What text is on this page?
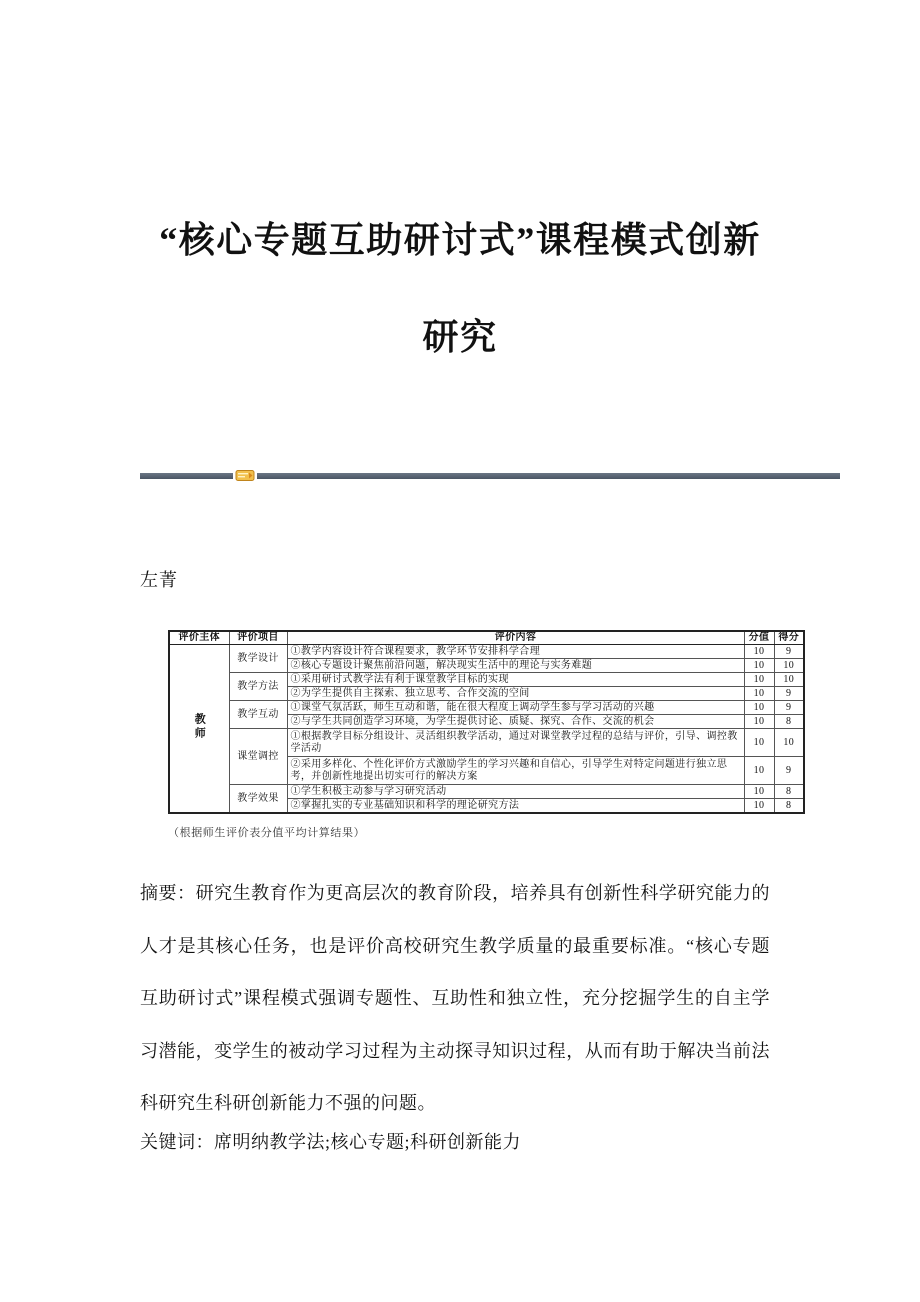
“核心专题互助研讨式”课程模式创新
研究
左菁
评价主体	评价项目	评价内容	分值	得分
教师	教学设计	①教学内容设计符合课程要求，教学环节安排科学合理	10	9
		②核心专题设计聚焦前沿问题，解决现实生活中的理论与实务难题	10	10
	教学方法	①采用研讨式教学法有利于课堂教学目标的实现	10	10
		②为学生提供自主探索、独立思考、合作交流的空间	10	9
	教学互动	①课堂气氛活跃，师生互动和谐，能在很大程度上调动学生参与学习活动的兴趣	10	9
		②与学生共同创造学习环境，为学生提供讨论、质疑、探究、合作、交流的机会	10	8
	课堂调控	①根据教学目标分组设计、灵活组织教学活动，通过对课堂教学过程的总结与评价，引导、调控教学活动	10	10
		②采用多样化、个性化评价方式激励学生的学习兴趣和自信心，引导学生对特定问题进行独立思考，并创新性地提出切实可行的解决方案	10	9
	教学效果	①学生积极主动参与学习研究活动	10	8
		②掌握扎实的专业基础知识和科学的理论研究方法	10	8
（根据师生评价表分值平均计算结果）
摘要：研究生教育作为更高层次的教育阶段，培养具有创新性科学研究能力的
人才是其核心任务，也是评价高校研究生教学质量的最重要标准。“核心专题
互助研讨式”课程模式强调专题性、互助性和独立性，充分挖掘学生的自主学
习潜能，变学生的被动学习过程为主动探寻知识过程，从而有助于解决当前法
科研究生科研创新能力不强的问题。
关键词：席明纳教学法;核心专题;科研创新能力
